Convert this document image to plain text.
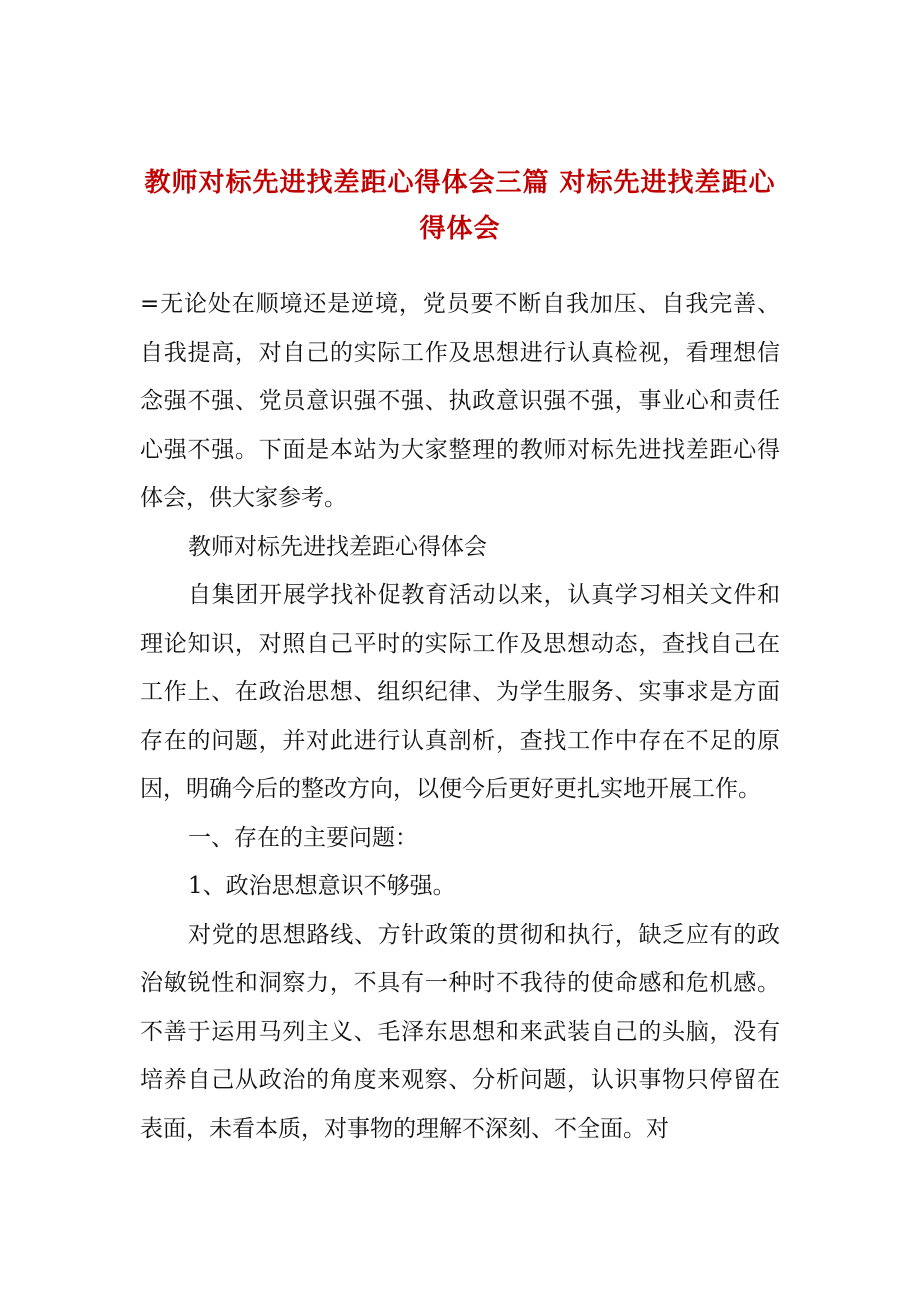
教师对标先进找差距心得体会三篇 对标先进找差距心得体会

=无论处在顺境还是逆境，党员要不断自我加压、自我完善、自我提高，对自己的实际工作及思想进行认真检视，看理想信念强不强、党员意识强不强、执政意识强不强，事业心和责任心强不强。下面是本站为大家整理的教师对标先进找差距心得体会，供大家参考。

教师对标先进找差距心得体会

自集团开展学找补促教育活动以来，认真学习相关文件和理论知识，对照自己平时的实际工作及思想动态，查找自己在工作上、在政治思想、组织纪律、为学生服务、实事求是方面存在的问题，并对此进行认真剖析，查找工作中存在不足的原因，明确今后的整改方向，以便今后更好更扎实地开展工作。

一、存在的主要问题：

1、政治思想意识不够强。

对党的思想路线、方针政策的贯彻和执行，缺乏应有的政治敏锐性和洞察力，不具有一种时不我待的使命感和危机感。不善于运用马列主义、毛泽东思想和来武装自己的头脑，没有培养自己从政治的角度来观察、分析问题，认识事物只停留在表面，未看本质，对事物的理解不深刻、不全面。对
